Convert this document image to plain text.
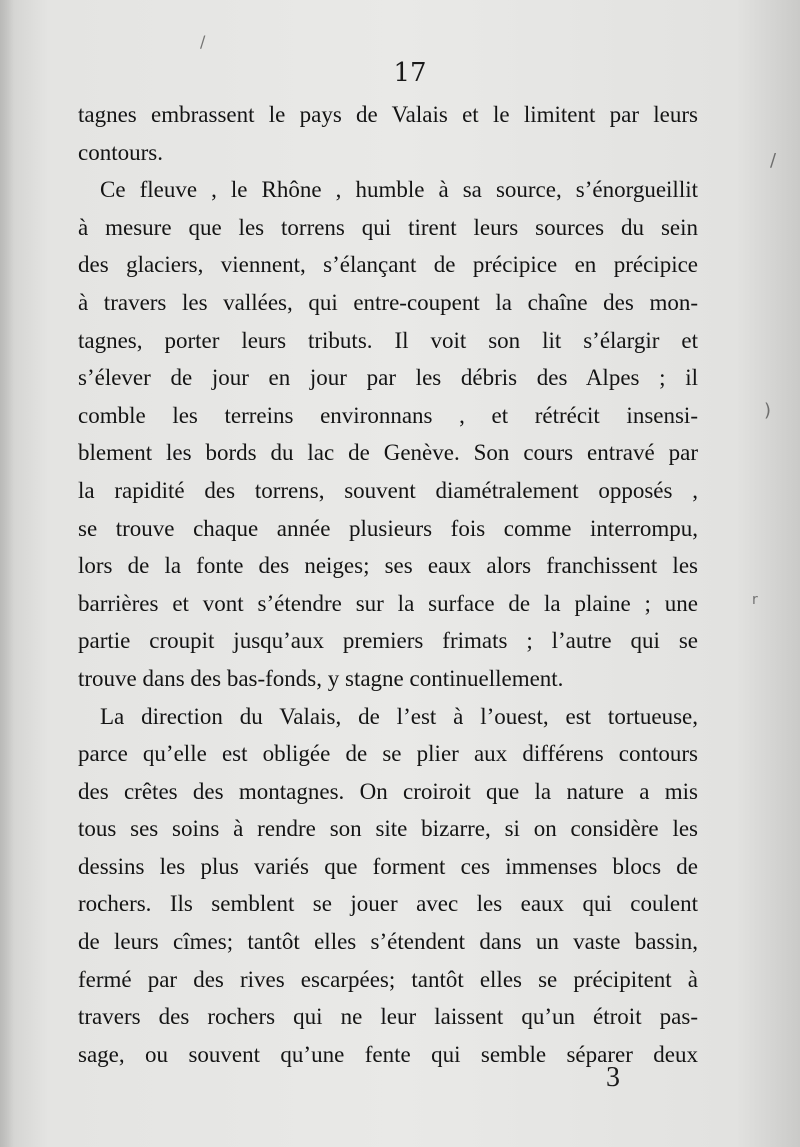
17
tagnes embrassent le pays de Valais et le limitent par leurs
contours.
Ce fleuve , le Rhône , humble à sa source, s’énorgueillit
à mesure que les torrens qui tirent leurs sources du sein
des glaciers, viennent, s’élançant de précipice en précipice
à travers les vallées, qui entre-coupent la chaîne des mon-
tagnes, porter leurs tributs. Il voit son lit s’élargir et
s’élever de jour en jour par les débris des Alpes ; il
comble les terreins environnans , et rétrécit insensi-
blement les bords du lac de Genève. Son cours entravé par
la rapidité des torrens, souvent diamétralement opposés ,
se trouve chaque année plusieurs fois comme interrompu,
lors de la fonte des neiges; ses eaux alors franchissent les
barrières et vont s’étendre sur la surface de la plaine ; une
partie croupit jusqu’aux premiers frimats ; l’autre qui se
trouve dans des bas-fonds, y stagne continuellement.
La direction du Valais, de l’est à l’ouest, est tortueuse,
parce qu’elle est obligée de se plier aux différens contours
des crêtes des montagnes. On croiroit que la nature a mis
tous ses soins à rendre son site bizarre, si on considère les
dessins les plus variés que forment ces immenses blocs de
rochers. Ils semblent se jouer avec les eaux qui coulent
de leurs cîmes; tantôt elles s’étendent dans un vaste bassin,
fermé par des rives escarpées; tantôt elles se précipitent à
travers des rochers qui ne leur laissent qu’un étroit pas-
sage, ou souvent qu’une fente qui semble séparer deux
3
/
/
r
)
